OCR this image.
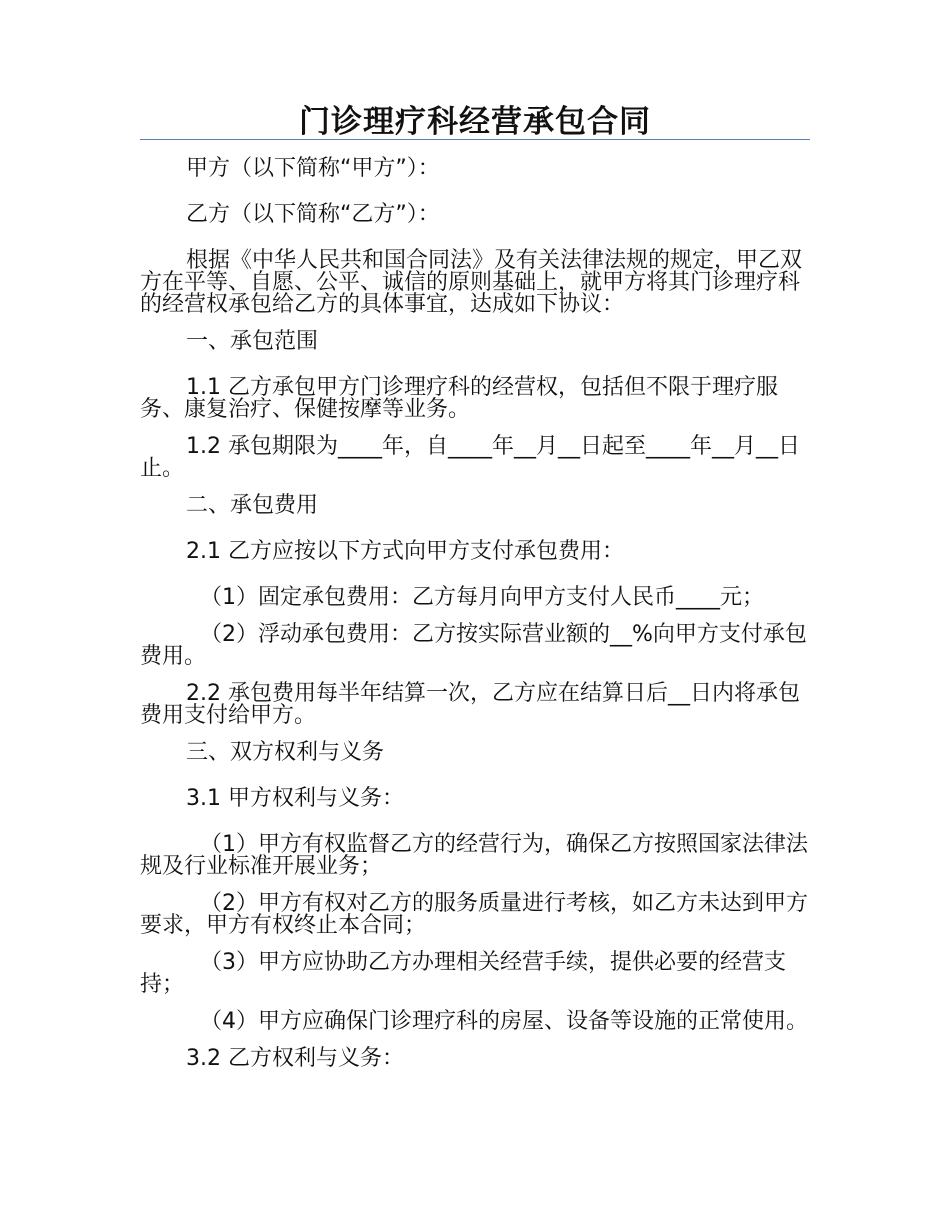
门诊理疗科经营承包合同

甲方（以下简称“甲方”）：

乙方（以下简称“乙方”）：

根据《中华人民共和国合同法》及有关法律法规的规定，甲乙双方在平等、自愿、公平、诚信的原则基础上，就甲方将其门诊理疗科的经营权承包给乙方的具体事宜，达成如下协议：

一、承包范围

1.1 乙方承包甲方门诊理疗科的经营权，包括但不限于理疗服务、康复治疗、保健按摩等业务。

1.2 承包期限为____年，自____年__月__日起至____年__月__日止。

二、承包费用

2.1 乙方应按以下方式向甲方支付承包费用：

（1）固定承包费用：乙方每月向甲方支付人民币____元；

（2）浮动承包费用：乙方按实际营业额的__%向甲方支付承包费用。

2.2 承包费用每半年结算一次，乙方应在结算日后__日内将承包费用支付给甲方。

三、双方权利与义务

3.1 甲方权利与义务：

（1）甲方有权监督乙方的经营行为，确保乙方按照国家法律法规及行业标准开展业务；

（2）甲方有权对乙方的服务质量进行考核，如乙方未达到甲方要求，甲方有权终止本合同；

（3）甲方应协助乙方办理相关经营手续，提供必要的经营支持；

（4）甲方应确保门诊理疗科的房屋、设备等设施的正常使用。

3.2 乙方权利与义务：
